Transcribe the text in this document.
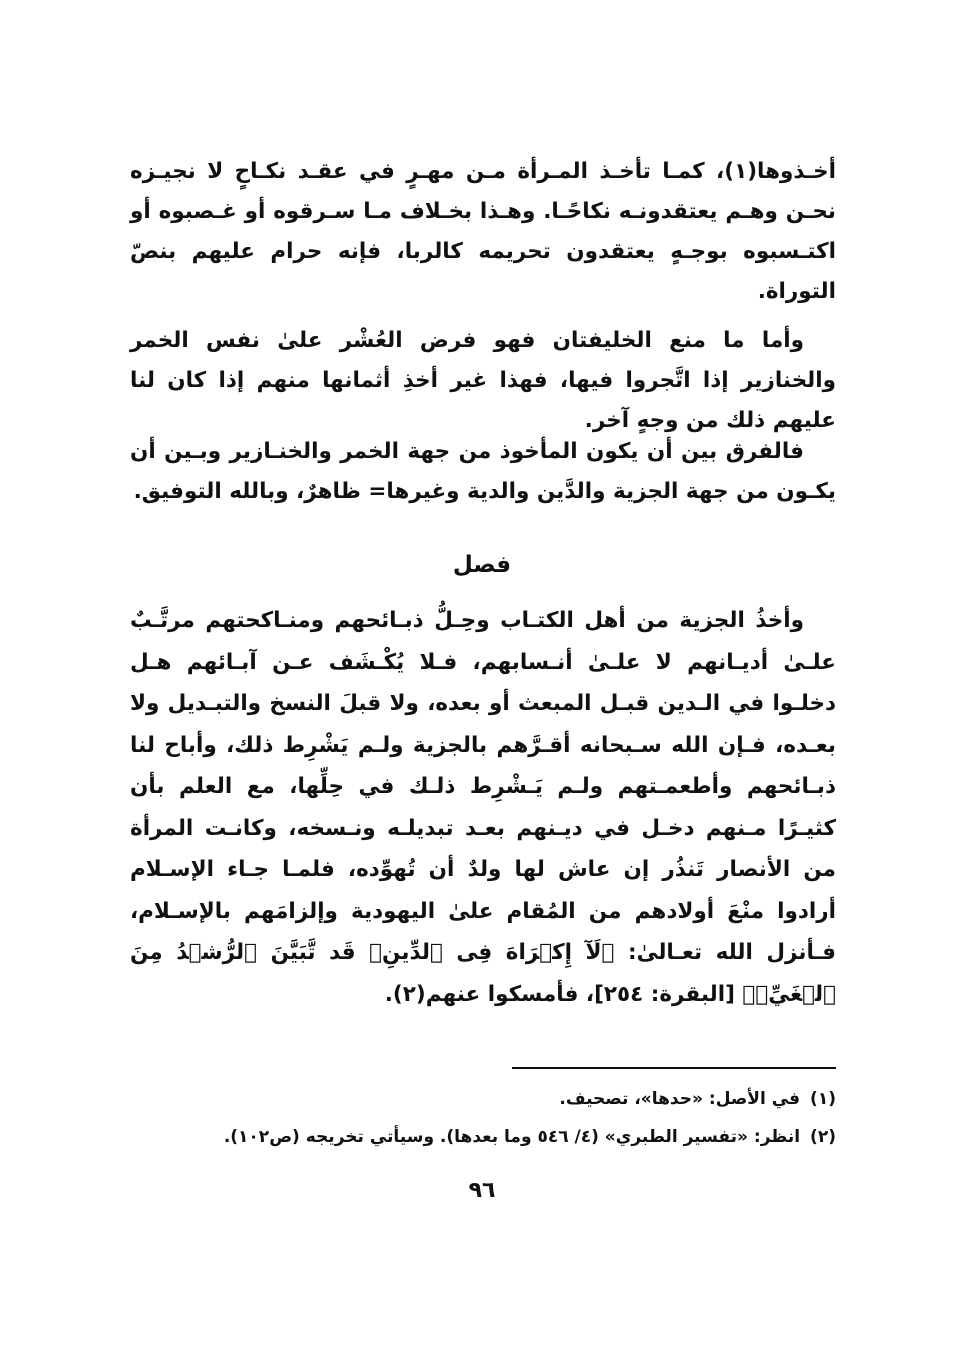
أخـذوها(١)، كمـا تأخـذ المـرأة مـن مهـرٍ في عقـد نكـاحٍ لا نجيـزه نحـن وهـم يعتقدونـه نكاحًـا. وهـذا بخـلاف مـا سـرقوه أو غـصبوه أو اكتـسبوه بوجـهٍ يعتقدون تحريمه كالربا، فإنه حرام عليهم بنصّ التوراة.

وأما ما منع الخليفتان فهو فرض العُشْر علىٰ نفس الخمر والخنازير إذا اتَّجروا فيها، فهذا غير أخذِ أثمانها منهم إذا كان لنا عليهم ذلك من وجهٍ آخر.

فالفرق بين أن يكون المأخوذ من جهة الخمر والخنـازير وبـين أن يكـون من جهة الجزية والدَّين والدية وغيرها= ظاهرٌ، وبالله التوفيق.

فصل

وأخذُ الجزية من أهل الكتـاب وحِـلُّ ذبـائحهم ومنـاكحتهم مرتَّـبٌ علـىٰ أديـانهم لا علـىٰ أنـسابهم، فـلا يُكْـشَف عـن آبـائهم هـل دخلـوا في الـدين قبـل المبعث أو بعده، ولا قبلَ النسخ والتبـديل ولا بعـده، فـإن الله سـبحانه أقـرَّهم بالجزية ولـم يَشْرِط ذلك، وأباح لنا ذبـائحهم وأطعمـتهم ولـم يَـشْرِط ذلـك في حِلِّها، مع العلم بأن كثيـرًا مـنهم دخـل في ديـنهم بعـد تبديلـه ونـسخه، وكانـت المرأة من الأنصار تَنذُر إن عاش لها ولدٌ أن تُهوِّده، فلمـا جـاء الإسـلام أرادوا منْعَ أولادهم من المُقام علىٰ اليهودية وإلزامَهم بالإسـلام، فـأنزل الله تعـالىٰ: ﴿لَآ إِكۡرَاهَ فِى ٱلدِّينِۖ قَد تَّبَيَّنَ ٱلرُّشۡدُ مِنَ ٱلۡغَيِّۚ﴾ [البقرة: ٢٥٤]، فأمسكوا عنهم(٢).

(١)
في الأصل: «حدها»، تصحيف.
(٢)
انظر: «تفسير الطبري» (٤/ ٥٤٦ وما بعدها). وسيأتي تخريجه (ص١٠٢).
٩٦
